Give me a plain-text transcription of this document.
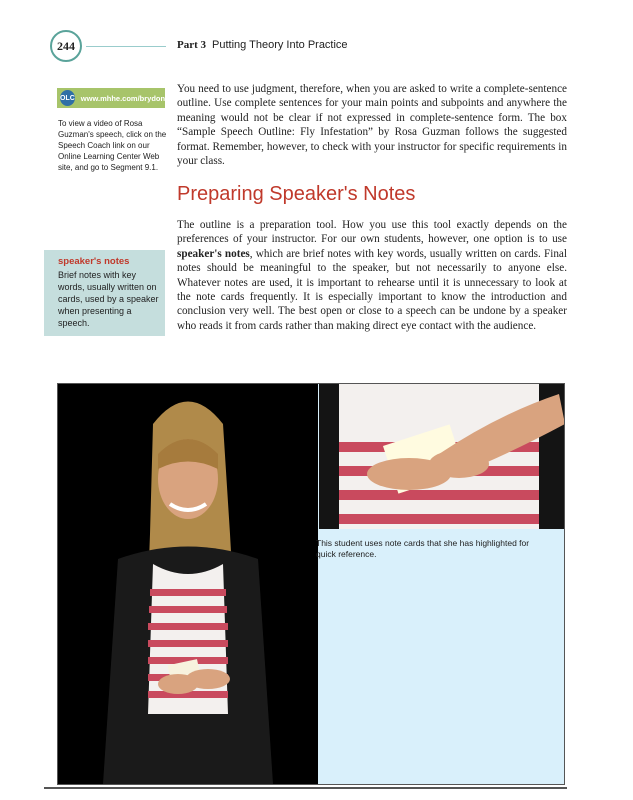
244	Part 3 Putting Theory Into Practice
OLC www.mhhe.com/brydon8
To view a video of Rosa Guzman's speech, click on the Speech Coach link on our Online Learning Center Web site, and go to Segment 9.1.
speaker's notes
Brief notes with key words, usually written on cards, used by a speaker when presenting a speech.

You need to use judgment, therefore, when you are asked to write a complete-sentence outline. Use complete sentences for your main points and subpoints and anywhere the meaning would not be clear if not expressed in complete-sentence form. The box “Sample Speech Outline: Fly Infestation” by Rosa Guzman follows the suggested format. Remember, however, to check with your instructor for specific requirements in your class.

Preparing Speaker's Notes

The outline is a preparation tool. How you use this tool exactly depends on the preferences of your instructor. For our own students, however, one option is to use speaker's notes, which are brief notes with key words, usually written on cards. Final notes should be meaningful to the speaker, but not necessarily to anyone else. Whatever notes are used, it is important to rehearse until it is unnecessary to look at the note cards frequently. It is especially important to know the introduction and conclusion very well. The best open or close to a speech can be undone by a speaker who reads it from cards rather than making direct eye contact with the audience.

This student uses note cards that she has highlighted for quick reference.
